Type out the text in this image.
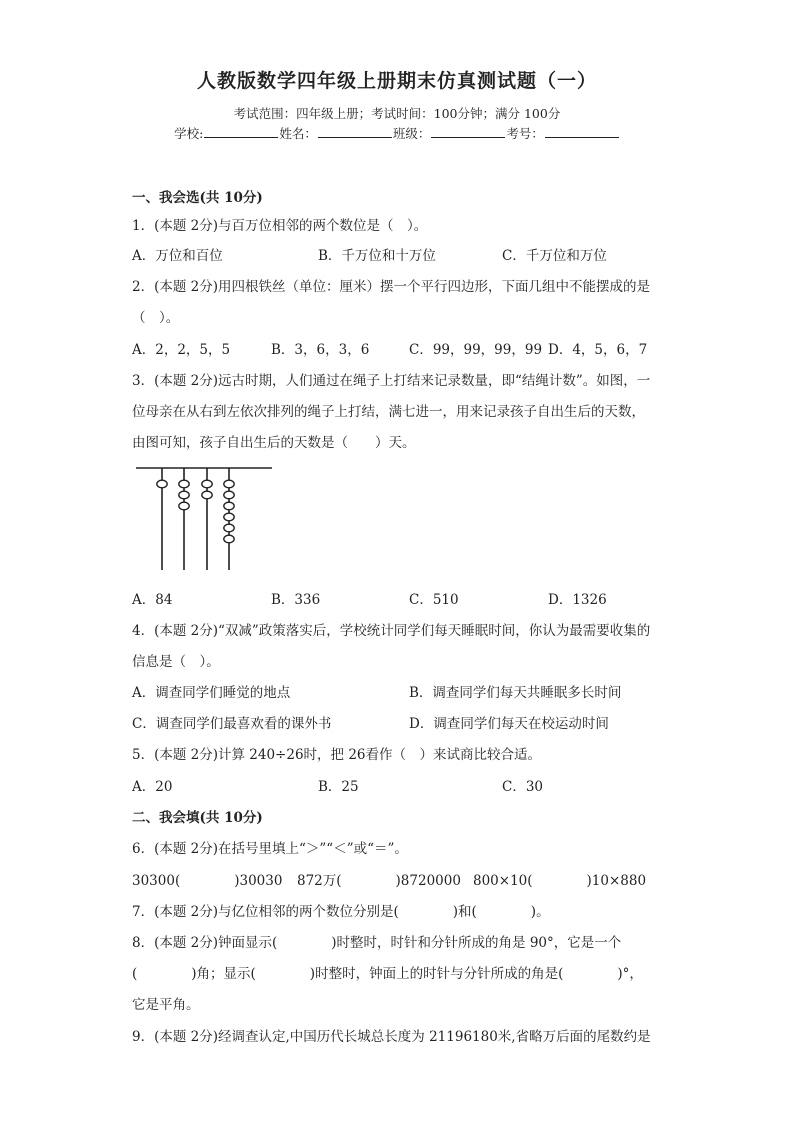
人教版数学四年级上册期末仿真测试题（一）
考试范围：四年级上册；考试时间：100分钟；满分 100分
学校:	姓名：	班级：	考号：
一、我会选(共 10分)
1．(本题 2分)与百万位相邻的两个数位是（　）。
A．万位和百位	B．千万位和十万位	C．千万位和万位
2．(本题 2分)用四根铁丝（单位：厘米）摆一个平行四边形，下面几组中不能摆成的是
（　）。
A．2，2，5，5	B．3，6，3，6	C．99，99，99，99 D．4，5，6，7
3．(本题 2分)远古时期，人们通过在绳子上打结来记录数量，即“结绳计数”。如图，一
位母亲在从右到左依次排列的绳子上打结，满七进一，用来记录孩子自出生后的天数，
由图可知，孩子自出生后的天数是（　　）天。
A．84	B．336	C．510	D．1326
4．(本题 2分)“双减”政策落实后，学校统计同学们每天睡眠时间，你认为最需要收集的
信息是（　）。
A．调查同学们睡觉的地点	B．调查同学们每天共睡眠多长时间
C．调查同学们最喜欢看的课外书	D．调查同学们每天在校运动时间
5．(本题 2分)计算 240÷26时，把 26看作（　）来试商比较合适。
A．20	B．25	C．30
二、我会填(共 10分)
6．(本题 2分)在括号里填上“＞”“＜”或“＝”。
30300(　　　　)30030 872万(　　　　)8720000 800×10(　　　　)10×880
7．(本题 2分)与亿位相邻的两个数位分别是(　　　　)和(　　　　)。
8．(本题 2分)钟面显示(　　　　)时整时，时针和分针所成的角是 90°，它是一个
(　　　　)角；显示(　　　　)时整时，钟面上的时针与分针所成的角是(　　　　)°，
它是平角。
9．(本题 2分)经调查认定,中国历代长城总长度为 21196180米,省略万后面的尾数约是
